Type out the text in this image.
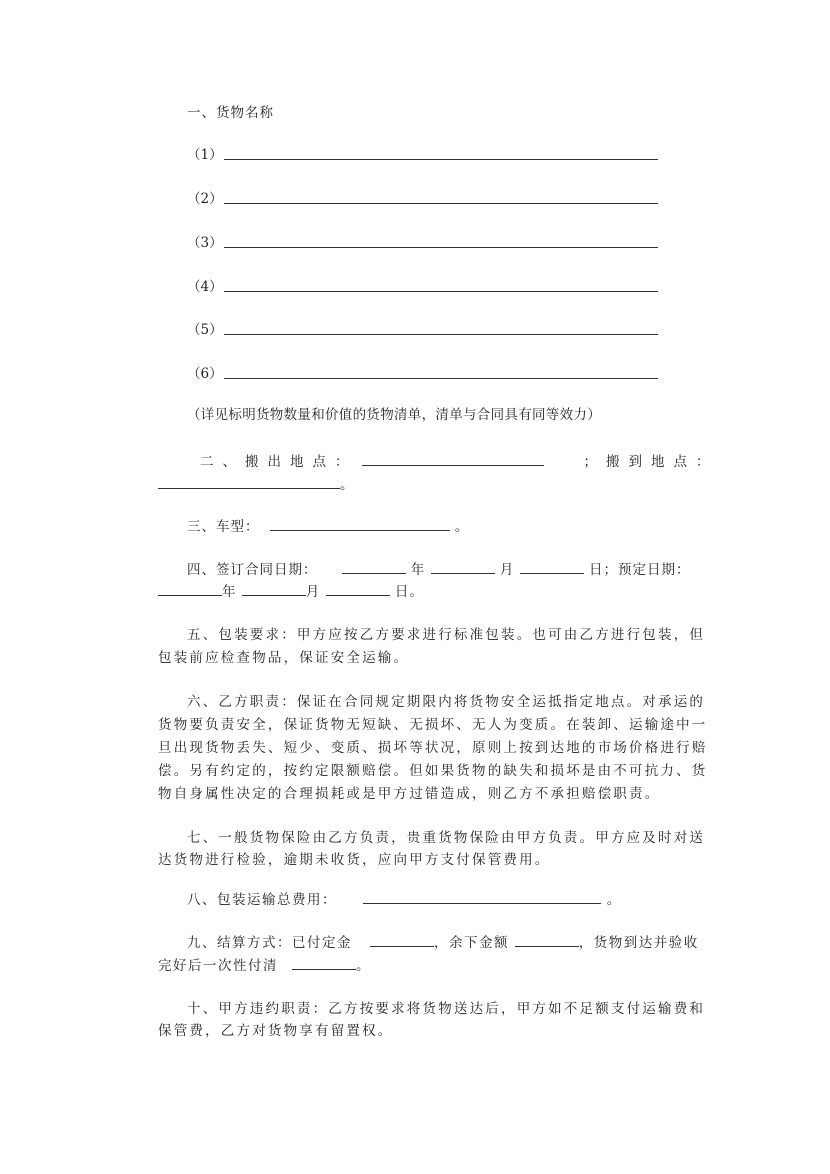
一、货物名称
（1）
（2）
（3）
（4）
（5）
（6）
（详见标明货物数量和价值的货物清单，清单与合同具有同等效力）
二、搬出地点：	；搬到地点：
。
三、车型：	。
四、签订合同日期：	年	月	日；预定日期：
年	月	日。
五、包装要求：甲方应按乙方要求进行标准包装。也可由乙方进行包装，但
包装前应检查物品，保证安全运输。
六、乙方职责：保证在合同规定期限内将货物安全运抵指定地点。对承运的
货物要负责安全，保证货物无短缺、无损坏、无人为变质。在装卸、运输途中一
旦出现货物丢失、短少、变质、损坏等状况，原则上按到达地的市场价格进行赔
偿。另有约定的，按约定限额赔偿。但如果货物的缺失和损坏是由不可抗力、货
物自身属性决定的合理损耗或是甲方过错造成，则乙方不承担赔偿职责。
七、一般货物保险由乙方负责，贵重货物保险由甲方负责。甲方应及时对送
达货物进行检验，逾期未收货，应向甲方支付保管费用。
八、包装运输总费用：	。
九、结算方式：已付定金	，余下金额	，货物到达并验收
完好后一次性付清	。
十、甲方违约职责：乙方按要求将货物送达后，甲方如不足额支付运输费和
保管费，乙方对货物享有留置权。
